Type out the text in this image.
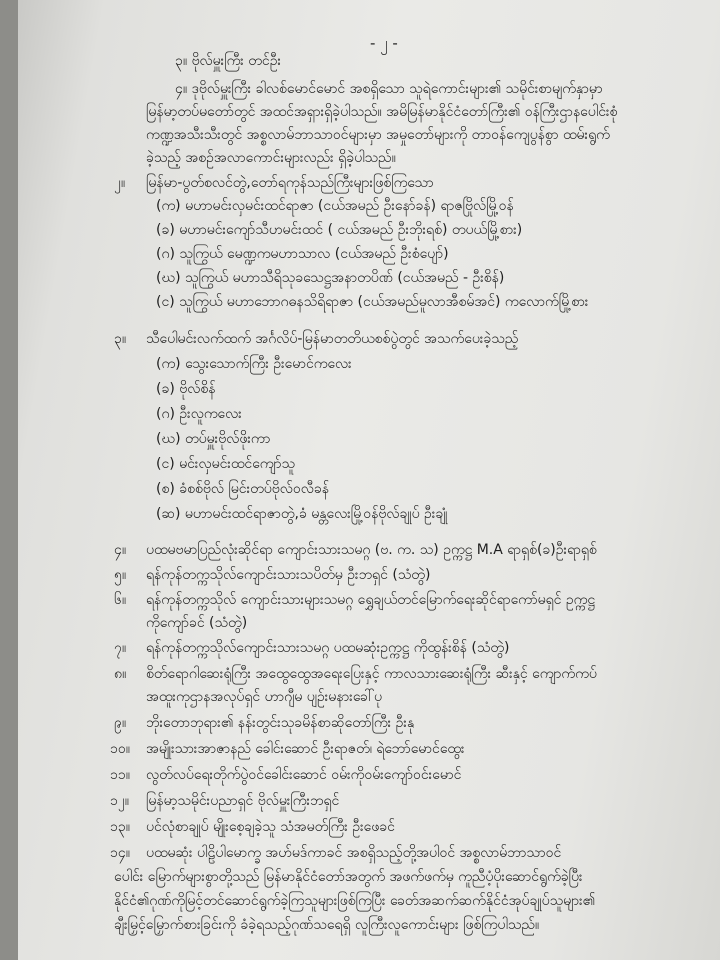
- ၂ -
၃။ ဗိုလ်မှူးကြီး တင်ဦး
၄။ ဒုဗိုလ်မှူးကြီး ခါလစ်မောင်မောင် အစရှိသော သူရဲကောင်းများ၏ သမိုင်းစာမျက်နှာမှာ
မြန်မာ့တပ်မတော်တွင် အထင်အရှားရှိခဲ့ပါသည်။ အမိမြန်မာနိုင်ငံတော်ကြီး၏ ဝန်ကြီးဌာနပေါင်းစုံ
ကဏ္ဍအသီးသီးတွင် အစ္စလာမ်ဘာသာဝင်များမှာ အမှုတော်များကို တာဝန်ကျေပွန်စွာ ထမ်းရွက်
ခဲ့သည့် အစဉ်အလာကောင်းများလည်း ရှိခဲ့ပါသည်။
၂။ မြန်မာ-ပွတ်စလင်တွဲ,တော်ရကုန်သည်ကြီးများဖြစ်ကြသော
(က) မဟာမင်းလှမင်းထင်ရာဇာ (ငယ်အမည် ဦးနော်ခန်) ရာဇဗြိုလ်မြို့ဝန်
(ခ) မဟာမင်းကျော်သီဟမင်းထင် ( ငယ်အမည် ဦးဘိုးရစ်) တပယ်မြို့စား)
(ဂ) သူကြွယ် မေဏ္ဍကမဟာသာလ (ငယ်အမည် ဦးစံပျော်)
(ဃ) သူကြွယ် မဟာသီရိသုခသေဋ္ဌအနာတပိဏ် (ငယ်အမည် - ဦးစိန်)
(င) သူကြွယ် မဟာဘောဂဓနသိရိရာဇာ (ငယ်အမည်မူလာအီစမ်အင်) ကလောက်မြို့စား
၃။ သီပေါမင်းလက်ထက် အင်္ဂလိပ်-မြန်မာတတိယစစ်ပွဲတွင် အသက်ပေးခဲ့သည့်
(က) သွေးသောက်ကြီး ဦးမောင်ကလေး
(ခ) ဗိုလ်စိန်
(ဂ) ဦးလူကလေး
(ဃ) တပ်မှူးဗိုလ်ဖိုးကာ
(င) မင်းလှမင်းထင်ကျော်သူ
(စ) ခံစစ်ဗိုလ် မြင်းတပ်ဗိုလ်ဝလီခန်
(ဆ) မဟာမင်းထင်ရာဇာတွဲ,ခံ မန္တလေးမြို့ဝန်ဗိုလ်ချုပ် ဦးချုံ
၄။ ပထမဗမာပြည်လုံးဆိုင်ရာ ကျောင်းသားသမဂ္ဂ (ဗ. က. သ) ဥက္ကဋ္ဌ M.A ရာရှစ်(ခ)ဦးရာရှစ်
၅။ ရန်ကုန်တက္ကသိုလ်ကျောင်းသားသပိတ်မှ ဦးဘရှင် (သံတွဲ)
၆။ ရန်ကုန်တက္ကသိုလ် ကျောင်းသားများသမဂ္ဂ ရွှေချယ်တင်မြောက်ရေးဆိုင်ရာကော်မရှင် ဥက္ကဋ္ဌ
ကိုကျော်ခင် (သံတွဲ)
၇။ ရန်ကုန်တက္ကသိုလ်ကျောင်းသားသမဂ္ဂ ပထမဆုံးဥက္ကဋ္ဌ ကိုထွန်းစိန် (သံတွဲ)
၈။ စိတ်ရောဂါဆေးရုံကြီး အထွေထွေအရေးပြေးနှင့် ကာလသားဆေးရုံကြီး ဆီးနှင့် ကျောက်ကပ်
အထူးကုဌာနအလုပ်ရှင် ဟာဂျီမ ပျဉ်းမနားခေါ်ပု
၉။ ဘိုးတောဘုရား၏ နန်းတွင်းသုခမိန်စာဆိုတော်ကြီး ဦးနု
၁၀။ အမျိုးသားအာဇာနည် ခေါင်းဆောင် ဦးရာဇတ်၊ ရဲဘော်မောင်ထွေး
၁၁။ လွတ်လပ်ရေးတိုက်ပွဲဝင်ခေါင်းဆောင် ဝမ်းကိုဝမ်းကျော်ဝင်းမောင်
၁၂။ မြန်မာ့သမိုင်းပညာရှင် ဗိုလ်မှူးကြီးဘရှင်
၁၃။ ပင်လုံစာချုပ် မျိုးစေ့ချခဲ့သူ သံအမတ်ကြီး ဦးဖေခင်
၁၄။ ပထမဆုံး ပါဠိပါမောက္ခ အဟ်မဒ်ကာခင် အစရှိသည့်တို့အပါဝင် အစ္စလာမ်ဘာသာဝင်
ပေါင်း မြောက်များစွာတို့သည် မြန်မာနိုင်ငံတော်အတွက် အဖက်ဖက်မှ ကူညီပံ့ပိုးဆောင်ရွက်ခဲ့ပြီး
နိုင်ငံ၏ဂုဏ်ကိုမြင့်တင်ဆောင်ရွက်ခဲ့ကြသူများဖြစ်ကြပြီး ခေတ်အဆက်ဆက်နိုင်ငံအုပ်ချုပ်သူများ၏
ချီးမြှင့်မြှောက်စားခြင်းကို ခံခဲ့ရသည့်ဂုဏ်သရေရှိ လူကြီးလူကောင်းများ ဖြစ်ကြပါသည်။
